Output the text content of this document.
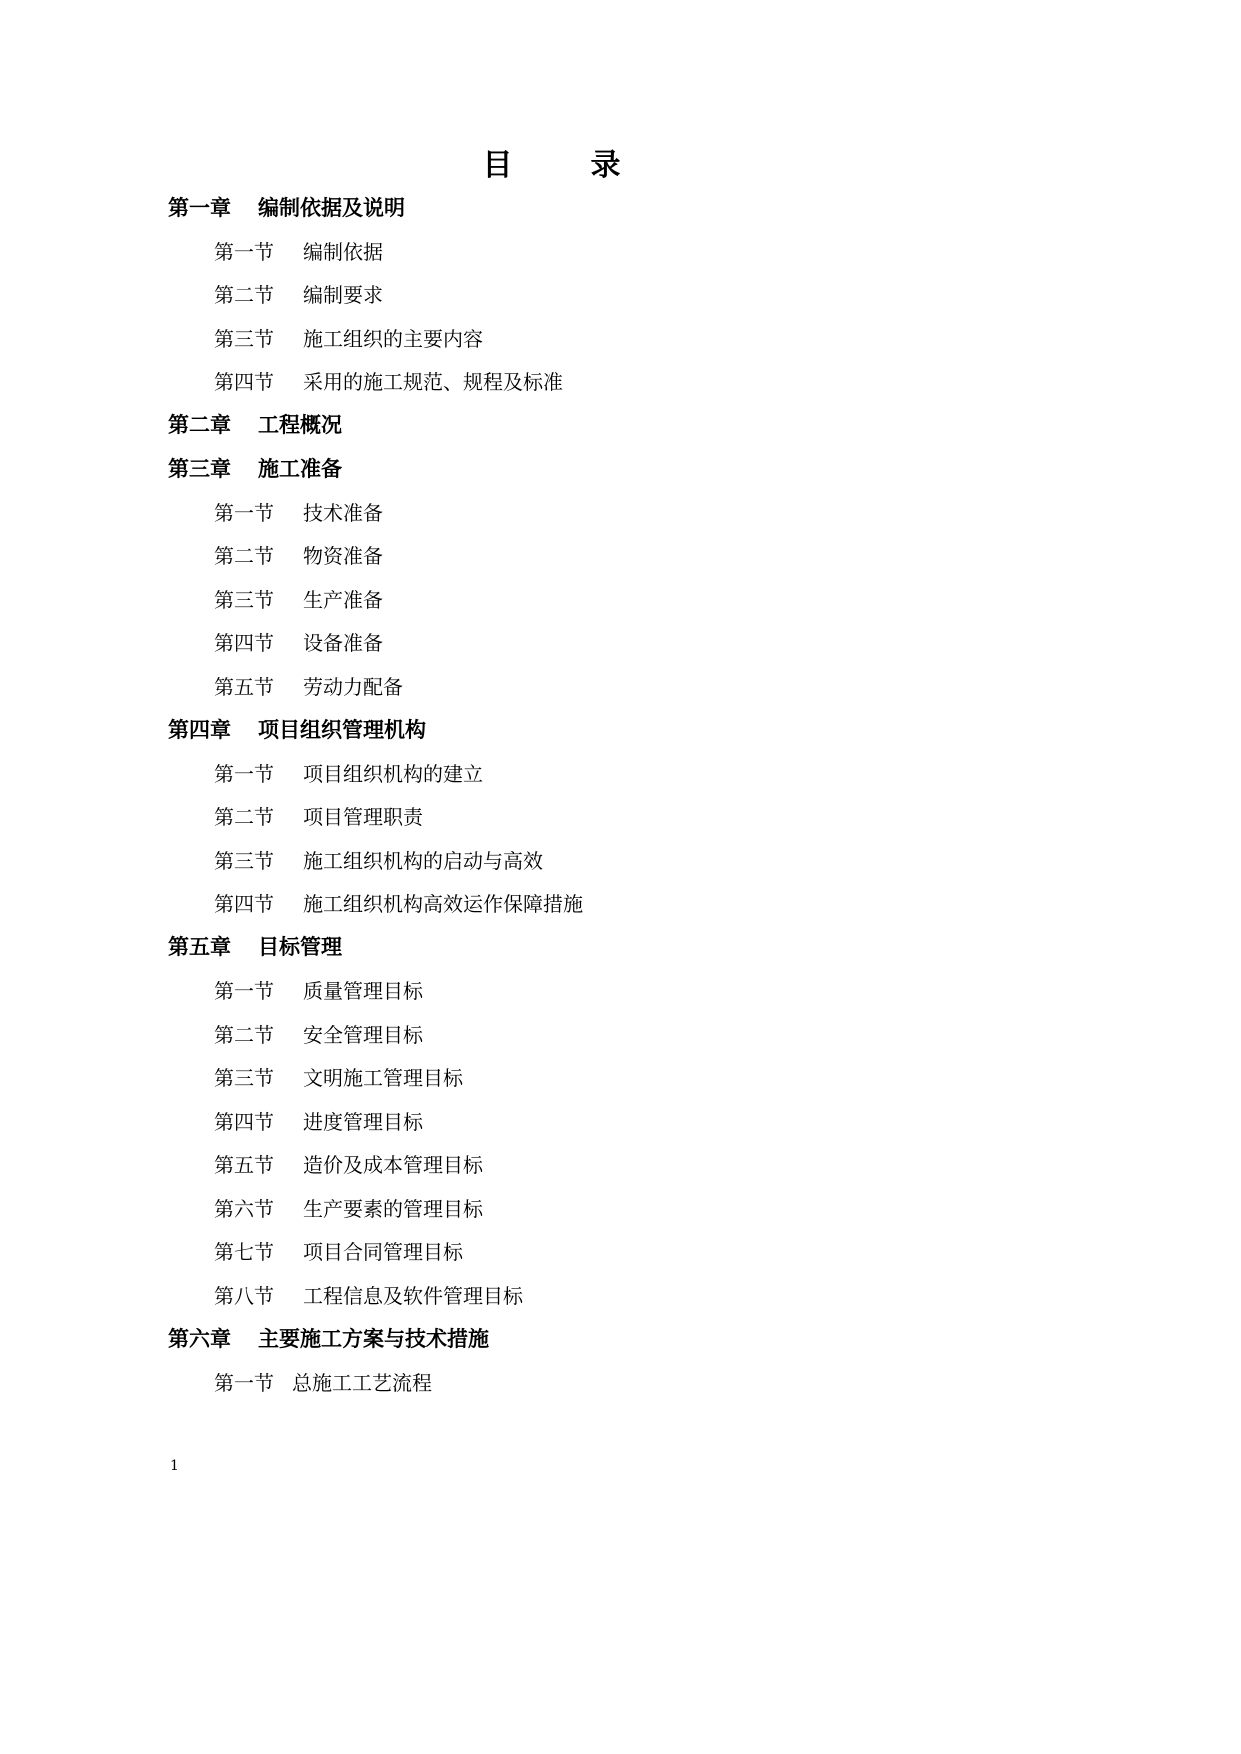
目　录
第一章	编制依据及说明
第一节	编制依据
第二节	编制要求
第三节	施工组织的主要内容
第四节	采用的施工规范、规程及标准
第二章	工程概况
第三章	施工准备
第一节	技术准备
第二节	物资准备
第三节	生产准备
第四节	设备准备
第五节	劳动力配备
第四章	项目组织管理机构
第一节	项目组织机构的建立
第二节	项目管理职责
第三节	施工组织机构的启动与高效
第四节	施工组织机构高效运作保障措施
第五章	目标管理
第一节	质量管理目标
第二节	安全管理目标
第三节	文明施工管理目标
第四节	进度管理目标
第五节	造价及成本管理目标
第六节	生产要素的管理目标
第七节	项目合同管理目标
第八节	工程信息及软件管理目标
第六章	主要施工方案与技术措施
第一节 总施工工艺流程
1
